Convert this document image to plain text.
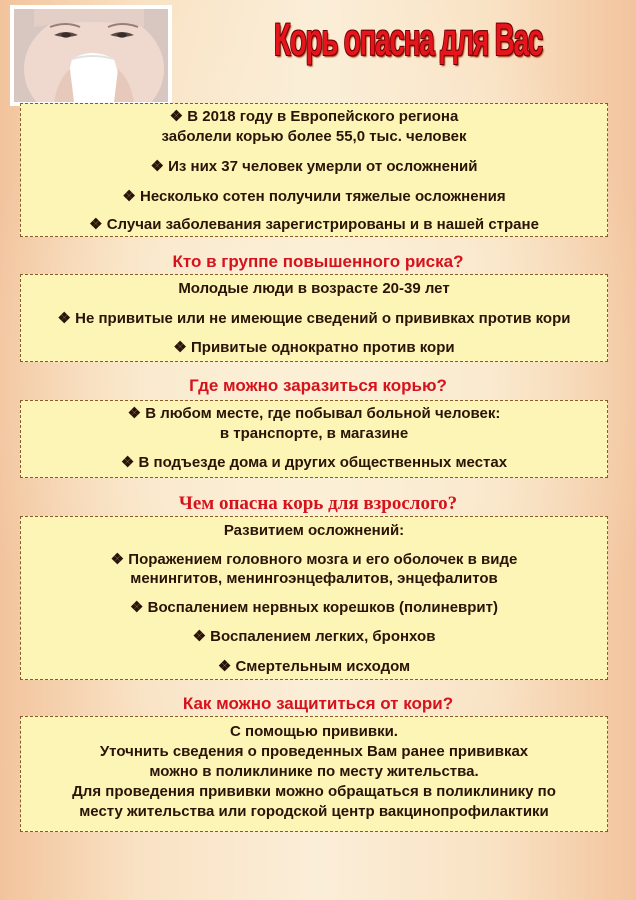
Корь опасна для Вас
❖ В 2018 году в Европейского региона
заболели корью более 55,0 тыс. человек
❖ Из них 37 человек умерли от осложнений
❖ Несколько сотен получили тяжелые осложнения
❖ Случаи заболевания зарегистрированы и в нашей стране
Кто в группе повышенного риска?
Молодые люди в возрасте 20-39 лет
❖ Не привитые или не имеющие сведений о прививках против кори
❖ Привитые однократно против кори
Где можно заразиться корью?
❖ В любом месте, где побывал больной человек:
в транспорте, в магазине
❖ В подъезде дома и других общественных местах
Чем опасна корь для взрослого?
Развитием осложнений:
❖ Поражением головного мозга и его оболочек в виде
менингитов, менингоэнцефалитов, энцефалитов
❖ Воспалением нервных корешков (полиневрит)
❖ Воспалением легких, бронхов
❖ Смертельным исходом
Как можно защититься от кори?
С помощью прививки.
Уточнить сведения о проведенных Вам ранее прививках
можно в поликлинике по месту жительства.
Для проведения прививки можно обращаться в поликлинику по
месту жительства или городской центр вакцинопрофилактики
